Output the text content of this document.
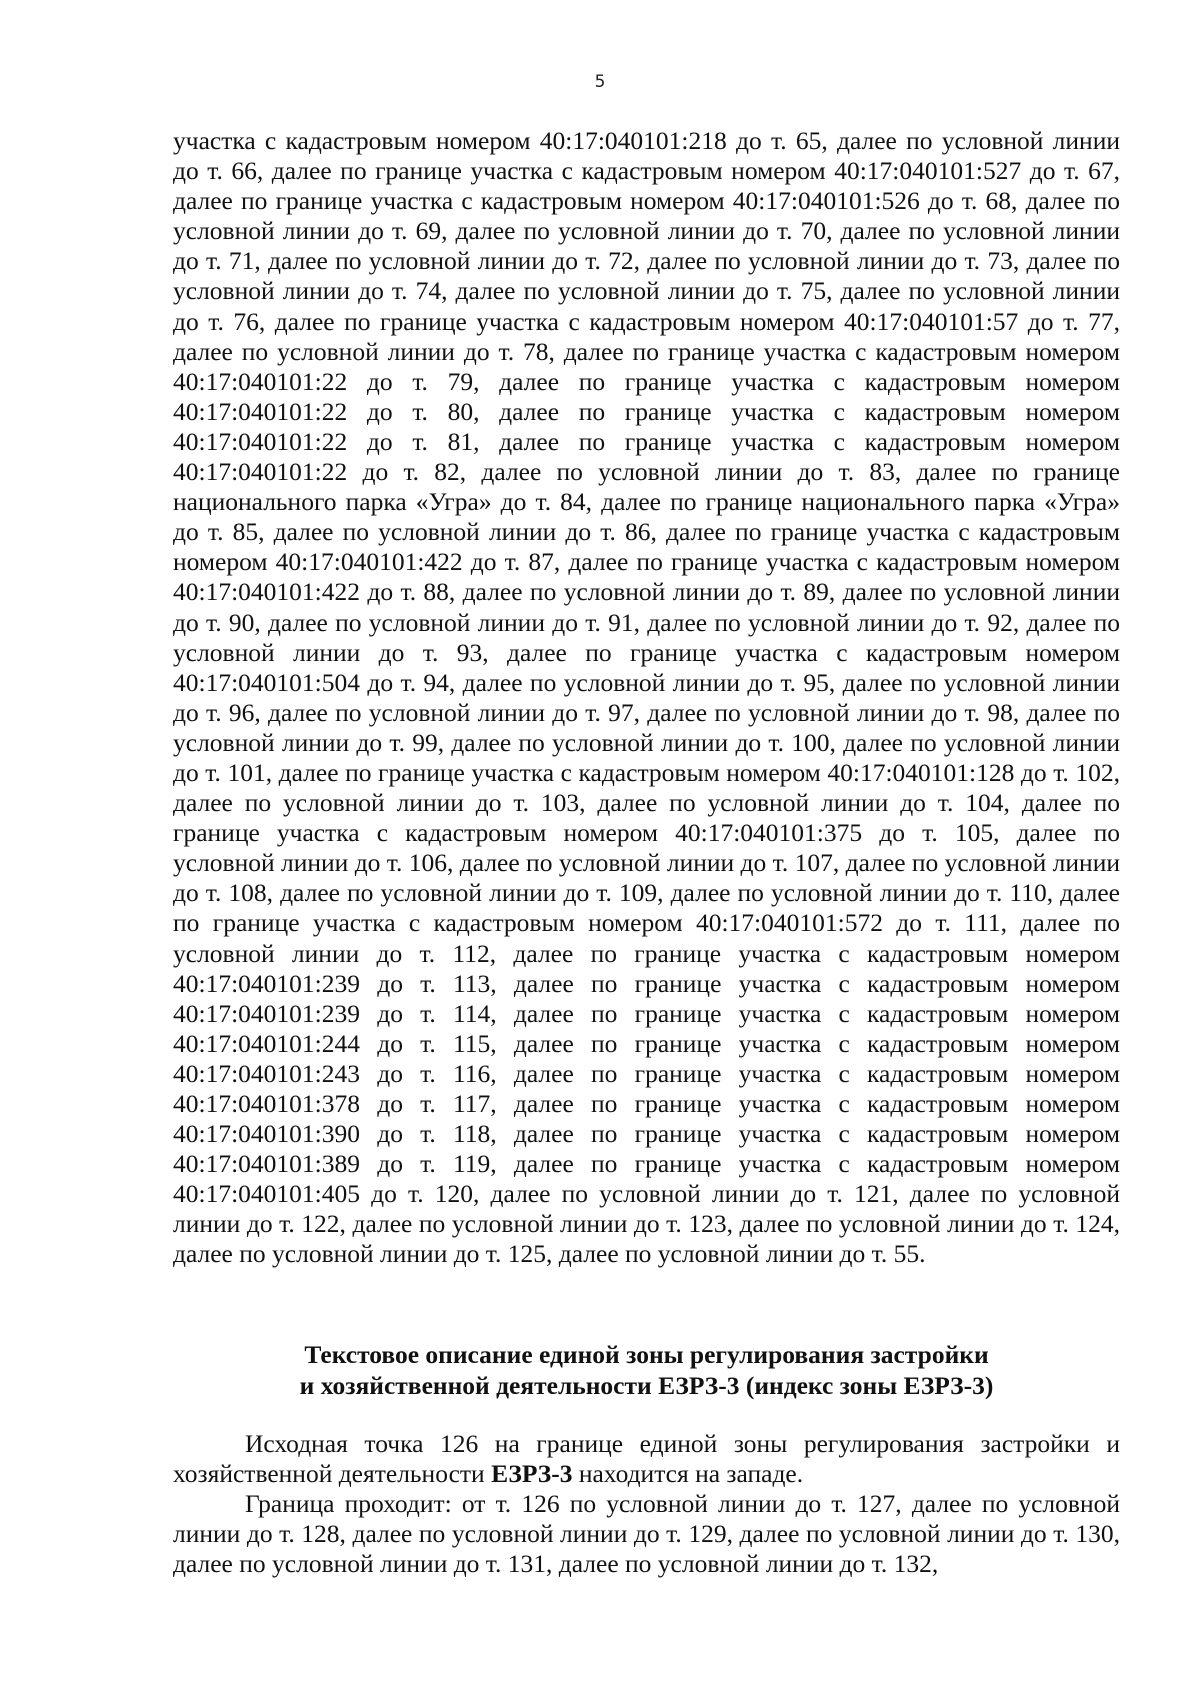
5
участка с кадастровым номером 40:17:040101:218 до т. 65, далее по условной линии до т. 66, далее по границе участка с кадастровым номером 40:17:040101:527 до т. 67, далее по границе участка с кадастровым номером 40:17:040101:526 до т. 68, далее по условной линии до т. 69, далее по условной линии до т. 70, далее по условной линии до т. 71, далее по условной линии до т. 72, далее по условной линии до т. 73, далее по условной линии до т. 74, далее по условной линии до т. 75, далее по условной линии до т. 76, далее по границе участка с кадастровым номером 40:17:040101:57 до т. 77, далее по условной линии до т. 78, далее по границе участка с кадастровым номером 40:17:040101:22 до т. 79, далее по границе участка с кадастровым номером 40:17:040101:22 до т. 80, далее по границе участка с кадастровым номером 40:17:040101:22 до т. 81, далее по границе участка с кадастровым номером 40:17:040101:22 до т. 82, далее по условной линии до т. 83, далее по границе национального парка «Угра» до т. 84, далее по границе национального парка «Угра» до т. 85, далее по условной линии до т. 86, далее по границе участка с кадастровым номером 40:17:040101:422 до т. 87, далее по границе участка с кадастровым номером 40:17:040101:422 до т. 88, далее по условной линии до т. 89, далее по условной линии до т. 90, далее по условной линии до т. 91, далее по условной линии до т. 92, далее по условной линии до т. 93, далее по границе участка с кадастровым номером 40:17:040101:504 до т. 94, далее по условной линии до т. 95, далее по условной линии до т. 96, далее по условной линии до т. 97, далее по условной линии до т. 98, далее по условной линии до т. 99, далее по условной линии до т. 100, далее по условной линии до т. 101, далее по границе участка с кадастровым номером 40:17:040101:128 до т. 102, далее по условной линии до т. 103, далее по условной линии до т. 104, далее по границе участка с кадастровым номером 40:17:040101:375 до т. 105, далее по условной линии до т. 106, далее по условной линии до т. 107, далее по условной линии до т. 108, далее по условной линии до т. 109, далее по условной линии до т. 110, далее по границе участка с кадастровым номером 40:17:040101:572 до т. 111, далее по условной линии до т. 112, далее по границе участка с кадастровым номером 40:17:040101:239 до т. 113, далее по границе участка с кадастровым номером 40:17:040101:239 до т. 114, далее по границе участка с кадастровым номером 40:17:040101:244 до т. 115, далее по границе участка с кадастровым номером 40:17:040101:243 до т. 116, далее по границе участка с кадастровым номером 40:17:040101:378 до т. 117, далее по границе участка с кадастровым номером 40:17:040101:390 до т. 118, далее по границе участка с кадастровым номером 40:17:040101:389 до т. 119, далее по границе участка с кадастровым номером 40:17:040101:405 до т. 120, далее по условной линии до т. 121, далее по условной линии до т. 122, далее по условной линии до т. 123, далее по условной линии до т. 124, далее по условной линии до т. 125, далее по условной линии до т. 55.
Текстовое описание единой зоны регулирования застройки
и хозяйственной деятельности ЕЗРЗ-3 (индекс зоны ЕЗРЗ-3)
Исходная точка 126 на границе единой зоны регулирования застройки и хозяйственной деятельности ЕЗРЗ-3 находится на западе.
Граница проходит: от т. 126 по условной линии до т. 127, далее по условной линии до т. 128, далее по условной линии до т. 129, далее по условной линии до т. 130, далее по условной линии до т. 131, далее по условной линии до т. 132,
